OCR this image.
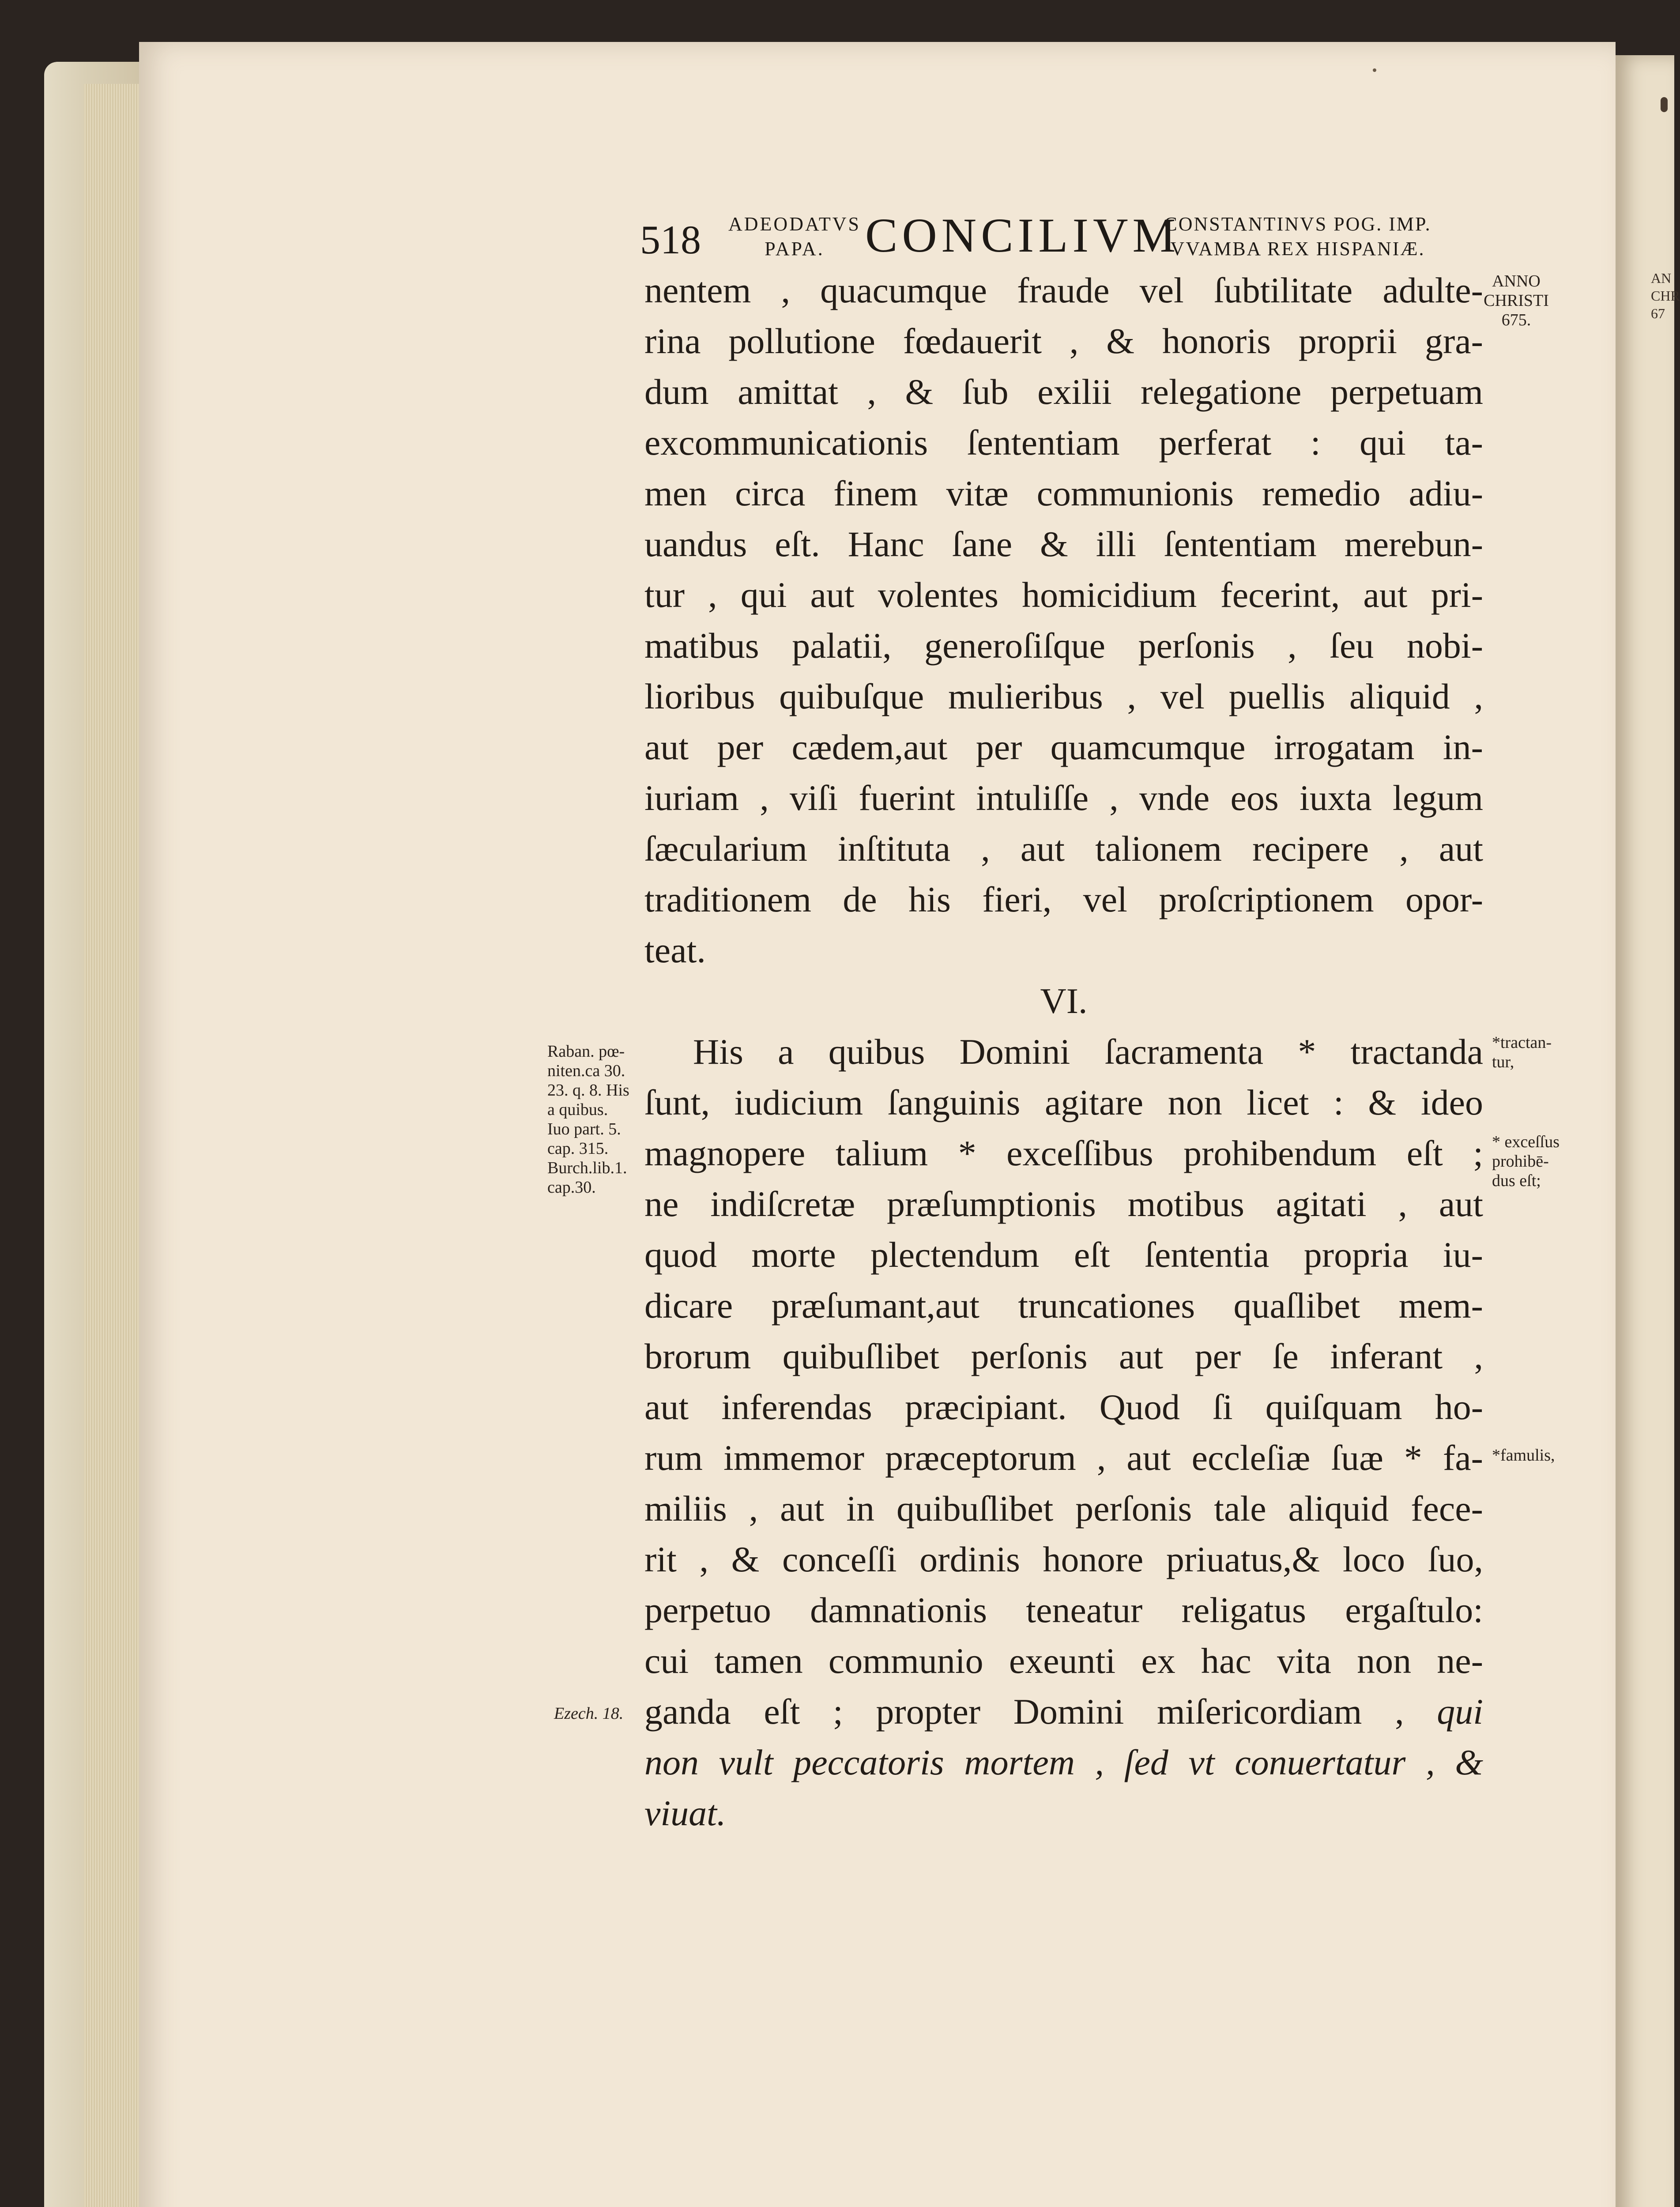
518 ADEODATVS
PAPA. CONCILIVM
CONSTANTINVS POG. IMP.
VVAMBA REX HISPANIÆ.
ANNO
CHRISTI
675.
nentem , quacumque fraude vel ſubtilitate adulte-
rina pollutione fœdauerit , & honoris proprii gra-
dum amittat , & ſub exilii relegatione perpetuam
excommunicationis ſententiam perferat : qui ta-
men circa finem vitæ communionis remedio adiu-
uandus eſt. Hanc ſane & illi ſententiam merebun-
tur , qui aut volentes homicidium fecerint, aut pri-
matibus palatii, generoſiſque perſonis , ſeu nobi-
lioribus quibuſque mulieribus , vel puellis aliquid ,
aut per cædem,aut per quamcumque irrogatam in-
iuriam , viſi fuerint intuliſſe , vnde eos iuxta legum
ſæcularium inſtituta , aut talionem recipere , aut
traditionem de his fieri, vel proſcriptionem opor-
teat.
VI.
His a quibus Domini ſacramenta * tractanda
ſunt, iudicium ſanguinis agitare non licet : & ideo
magnopere talium * exceſſibus prohibendum eſt ;
ne indiſcretæ præſumptionis motibus agitati , aut
quod morte plectendum eſt ſententia propria iu-
dicare præſumant,aut truncationes quaſlibet mem-
brorum quibuſlibet perſonis aut per ſe inferant ,
aut inferendas præcipiant. Quod ſi quiſquam ho-
rum immemor præceptorum , aut eccleſiæ ſuæ * fa-
miliis , aut in quibuſlibet perſonis tale aliquid fece-
rit , & conceſſi ordinis honore priuatus,& loco ſuo,
perpetuo damnationis teneatur religatus ergaſtulo:
cui tamen communio exeunti ex hac vita non ne-
ganda eſt ; propter Domini miſericordiam , qui
non vult peccatoris mortem , ſed vt conuertatur , &
viuat.
Raban. pœ-
niten.ca 30.
23. q. 8. His
a quibus.
Iuo part. 5.
cap. 315.
Burch.lib.1.
cap.30.
Ezech. 18.
*tractan-
tur,
* exceſſus
prohibē-
dus eſt;
*famulis,
AN
CHR
67
